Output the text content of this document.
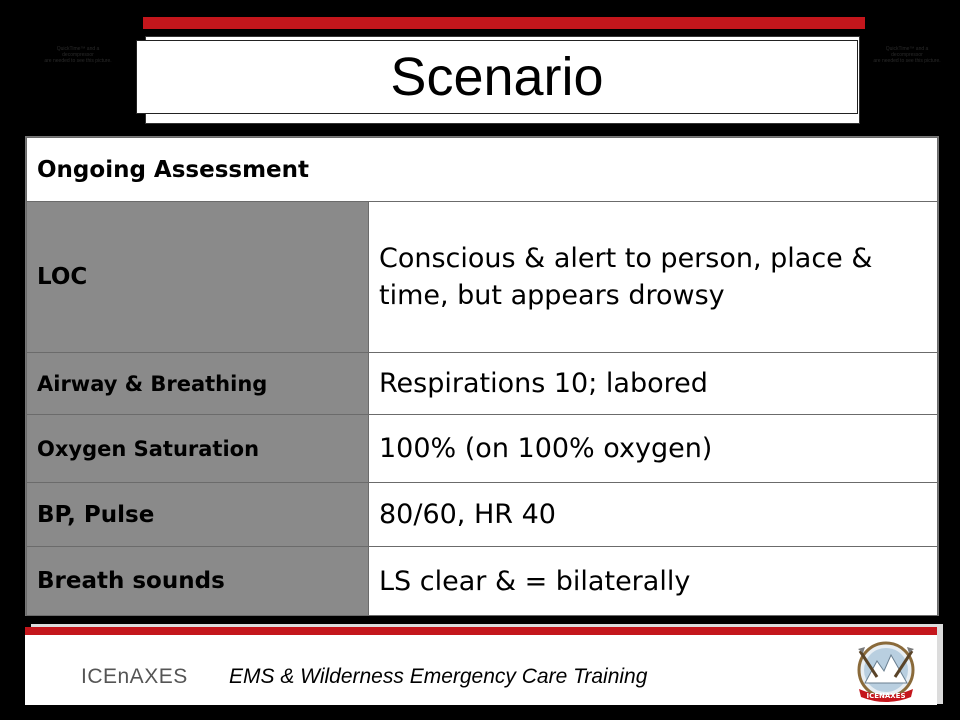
QuickTime™ and a
decompressor
are needed to see this picture.
QuickTime™ and a
decompressor
are needed to see this picture.
Scenario
Ongoing Assessment	
LOC	Conscious & alert to person, place & time, but appears drowsy
Airway & Breathing	Respirations 10; labored
Oxygen Saturation	100% (on 100% oxygen)
BP, Pulse	80/60, HR 40
Breath sounds	LS clear & = bilaterally
ICEnAXES EMS & Wilderness Emergency Care Training
ICENAXES
